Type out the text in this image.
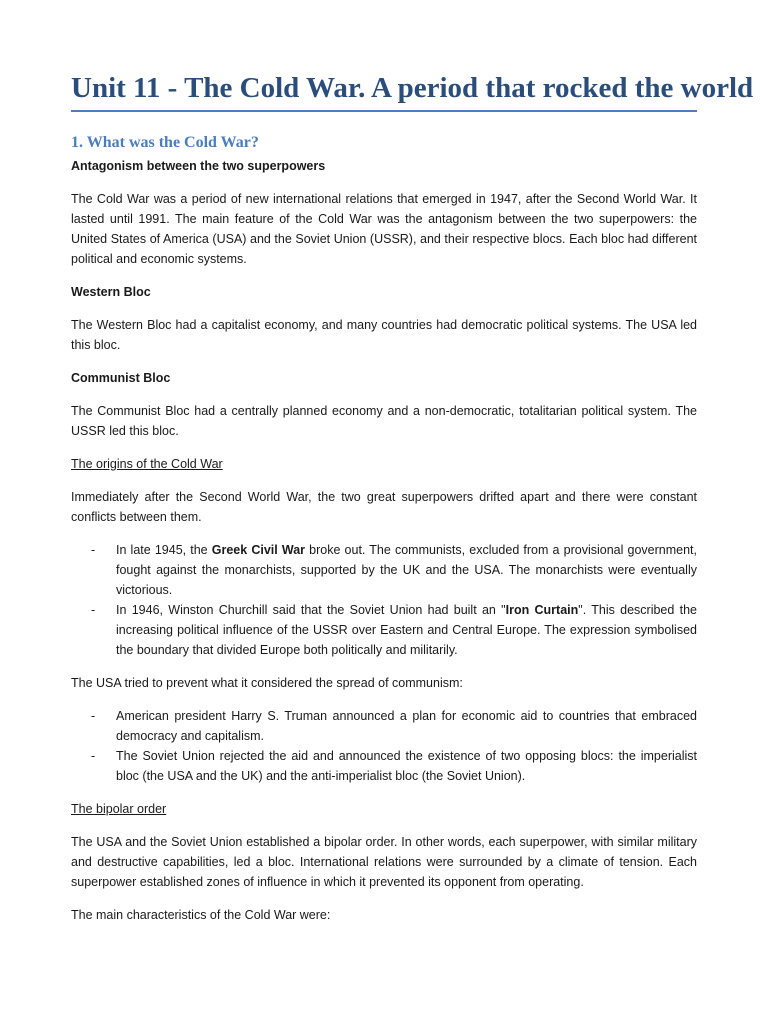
Unit 11 - The Cold War. A period that rocked the world
1. What was the Cold War?
Antagonism between the two superpowers

The Cold War was a period of new international relations that emerged in 1947, after the Second World War. It lasted until 1991. The main feature of the Cold War was the antagonism between the two superpowers: the United States of America (USA) and the Soviet Union (USSR), and their respective blocs. Each bloc had different political and economic systems.

Western Bloc

The Western Bloc had a capitalist economy, and many countries had democratic political systems. The USA led this bloc.

Communist Bloc

The Communist Bloc had a centrally planned economy and a non-democratic, totalitarian political system. The USSR led this bloc.

The origins of the Cold War

Immediately after the Second World War, the two great superpowers drifted apart and there were constant conflicts between them.

- In late 1945, the Greek Civil War broke out. The communists, excluded from a provisional government, fought against the monarchists, supported by the UK and the USA. The monarchists were eventually victorious.
- In 1946, Winston Churchill said that the Soviet Union had built an "Iron Curtain". This described the increasing political influence of the USSR over Eastern and Central Europe. The expression symbolised the boundary that divided Europe both politically and militarily.

The USA tried to prevent what it considered the spread of communism:

- American president Harry S. Truman announced a plan for economic aid to countries that embraced democracy and capitalism.
- The Soviet Union rejected the aid and announced the existence of two opposing blocs: the imperialist bloc (the USA and the UK) and the anti-imperialist bloc (the Soviet Union).

The bipolar order

The USA and the Soviet Union established a bipolar order. In other words, each superpower, with similar military and destructive capabilities, led a bloc. International relations were surrounded by a climate of tension. Each superpower established zones of influence in which it prevented its opponent from operating.

The main characteristics of the Cold War were:
